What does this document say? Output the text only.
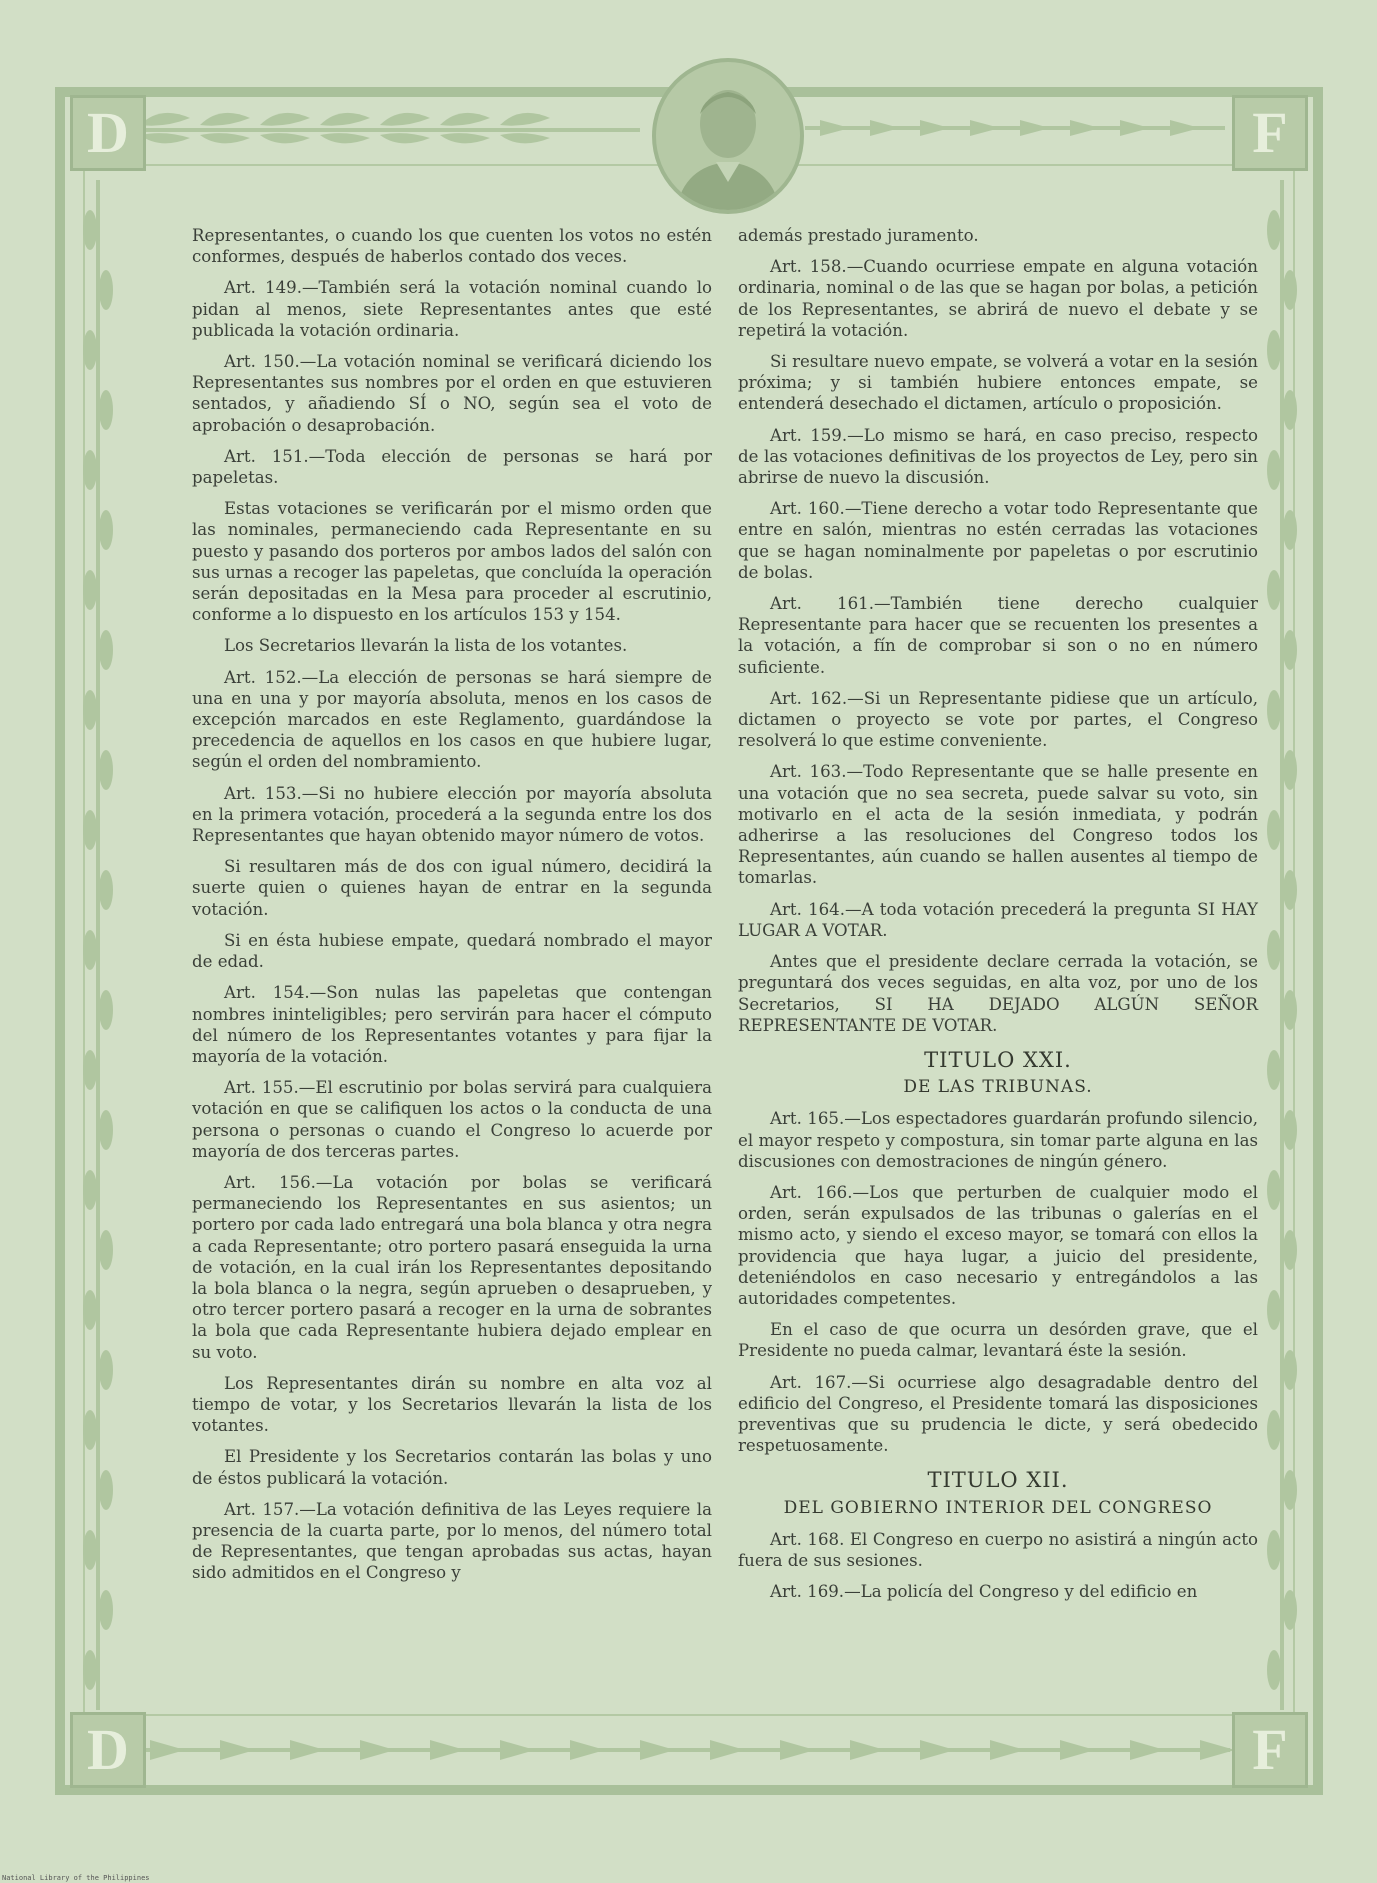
D	F
D	F

Representantes, o cuando los que cuenten los votos no estén conformes, después de haberlos contado dos veces.

Art. 149.—También será la votación nominal cuando lo pidan al menos, siete Representantes antes que esté publicada la votación ordinaria.

Art. 150.—La votación nominal se verificará diciendo los Representantes sus nombres por el orden en que estuvieren sentados, y añadiendo SÍ o NO, según sea el voto de aprobación o desaprobación.

Art. 151.—Toda elección de personas se hará por papeletas.

Estas votaciones se verificarán por el mismo orden que las nominales, permaneciendo cada Representante en su puesto y pasando dos porteros por ambos lados del salón con sus urnas a recoger las papeletas, que concluída la operación serán depositadas en la Mesa para proceder al escrutinio, conforme a lo dispuesto en los artículos 153 y 154.

Los Secretarios llevarán la lista de los votantes.

Art. 152.—La elección de personas se hará siempre de una en una y por mayoría absoluta, menos en los casos de excepción marcados en este Reglamento, guardándose la precedencia de aquellos en los casos en que hubiere lugar, según el orden del nombramiento.

Art. 153.—Si no hubiere elección por mayoría absoluta en la primera votación, procederá a la segunda entre los dos Representantes que hayan obtenido mayor número de votos.

Si resultaren más de dos con igual número, decidirá la suerte quien o quienes hayan de entrar en la segunda votación.

Si en ésta hubiese empate, quedará nombrado el mayor de edad.

Art. 154.—Son nulas las papeletas que contengan nombres ininteligibles; pero servirán para hacer el cómputo del número de los Representantes votantes y para fijar la mayoría de la votación.

Art. 155.—El escrutinio por bolas servirá para cualquiera votación en que se califiquen los actos o la conducta de una persona o personas o cuando el Congreso lo acuerde por mayoría de dos terceras partes.

Art. 156.—La votación por bolas se verificará permaneciendo los Representantes en sus asientos; un portero por cada lado entregará una bola blanca y otra negra a cada Representante; otro portero pasará enseguida la urna de votación, en la cual irán los Representantes depositando la bola blanca o la negra, según aprueben o desaprueben, y otro tercer portero pasará a recoger en la urna de sobrantes la bola que cada Representante hubiera dejado emplear en su voto.

Los Representantes dirán su nombre en alta voz al tiempo de votar, y los Secretarios llevarán la lista de los votantes.

El Presidente y los Secretarios contarán las bolas y uno de éstos publicará la votación.

Art. 157.—La votación definitiva de las Leyes requiere la presencia de la cuarta parte, por lo menos, del número total de Representantes, que tengan aprobadas sus actas, hayan sido admitidos en el Congreso y

además prestado juramento.

Art. 158.—Cuando ocurriese empate en alguna votación ordinaria, nominal o de las que se hagan por bolas, a petición de los Representantes, se abrirá de nuevo el debate y se repetirá la votación.

Si resultare nuevo empate, se volverá a votar en la sesión próxima; y si también hubiere entonces empate, se entenderá desechado el dictamen, artículo o proposición.

Art. 159.—Lo mismo se hará, en caso preciso, respecto de las votaciones definitivas de los proyectos de Ley, pero sin abrirse de nuevo la discusión.

Art. 160.—Tiene derecho a votar todo Representante que entre en salón, mientras no estén cerradas las votaciones que se hagan nominalmente por papeletas o por escrutinio de bolas.

Art. 161.—También tiene derecho cualquier Representante para hacer que se recuenten los presentes a la votación, a fín de comprobar si son o no en número suficiente.

Art. 162.—Si un Representante pidiese que un artículo, dictamen o proyecto se vote por partes, el Congreso resolverá lo que estime conveniente.

Art. 163.—Todo Representante que se halle presente en una votación que no sea secreta, puede salvar su voto, sin motivarlo en el acta de la sesión inmediata, y podrán adherirse a las resoluciones del Congreso todos los Representantes, aún cuando se hallen ausentes al tiempo de tomarlas.

Art. 164.—A toda votación precederá la pregunta SI HAY LUGAR A VOTAR.

Antes que el presidente declare cerrada la votación, se preguntará dos veces seguidas, en alta voz, por uno de los Secretarios, SI HA DEJADO ALGÚN SEÑOR REPRESENTANTE DE VOTAR.

TITULO XXI.

DE LAS TRIBUNAS.

Art. 165.—Los espectadores guardarán profundo silencio, el mayor respeto y compostura, sin tomar parte alguna en las discusiones con demostraciones de ningún género.

Art. 166.—Los que perturben de cualquier modo el orden, serán expulsados de las tribunas o galerías en el mismo acto, y siendo el exceso mayor, se tomará con ellos la providencia que haya lugar, a juicio del presidente, deteniéndolos en caso necesario y entregándolos a las autoridades competentes.

En el caso de que ocurra un desórden grave, que el Presidente no pueda calmar, levantará éste la sesión.

Art. 167.—Si ocurriese algo desagradable dentro del edificio del Congreso, el Presidente tomará las disposiciones preventivas que su prudencia le dicte, y será obedecido respetuosamente.

TITULO XII.

DEL GOBIERNO INTERIOR DEL CONGRESO

Art. 168. El Congreso en cuerpo no asistirá a ningún acto fuera de sus sesiones.

Art. 169.—La policía del Congreso y del edificio en

National Library of the Philippines
